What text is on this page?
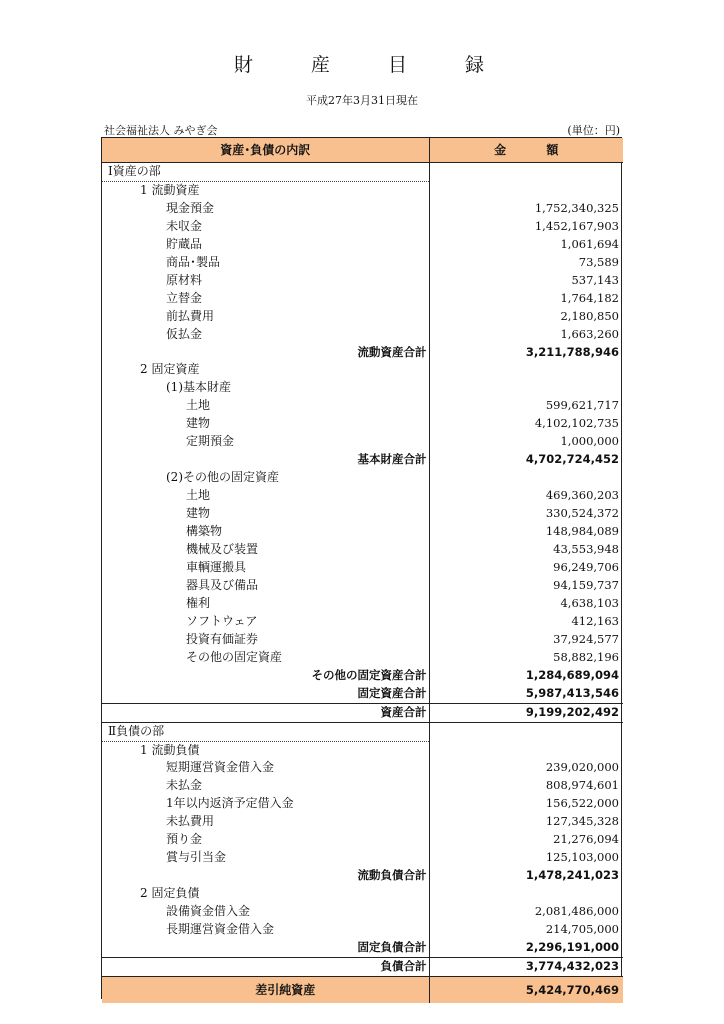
財 産 目 録
平成27年3月31日現在
社会福祉法人 みやぎ会	(単位：円)
資産･負債の内訳	金 額
Ⅰ資産の部	
1 流動資産	
現金預金	1,752,340,325
未収金	1,452,167,903
貯蔵品	1,061,694
商品･製品	73,589
原材料	537,143
立替金	1,764,182
前払費用	2,180,850
仮払金	1,663,260
流動資産合計	3,211,788,946
2 固定資産	
(1)基本財産	
土地	599,621,717
建物	4,102,102,735
定期預金	1,000,000
基本財産合計	4,702,724,452
(2)その他の固定資産	
土地	469,360,203
建物	330,524,372
構築物	148,984,089
機械及び装置	43,553,948
車輌運搬具	96,249,706
器具及び備品	94,159,737
権利	4,638,103
ソフトウェア	412,163
投資有価証券	37,924,577
その他の固定資産	58,882,196
その他の固定資産合計	1,284,689,094
固定資産合計	5,987,413,546
資産合計	9,199,202,492
Ⅱ負債の部	
1 流動負債	
短期運営資金借入金	239,020,000
未払金	808,974,601
1年以内返済予定借入金	156,522,000
未払費用	127,345,328
預り金	21,276,094
賞与引当金	125,103,000
流動負債合計	1,478,241,023
2 固定負債	
設備資金借入金	2,081,486,000
長期運営資金借入金	214,705,000
固定負債合計	2,296,191,000
負債合計	3,774,432,023
差引純資産	5,424,770,469
